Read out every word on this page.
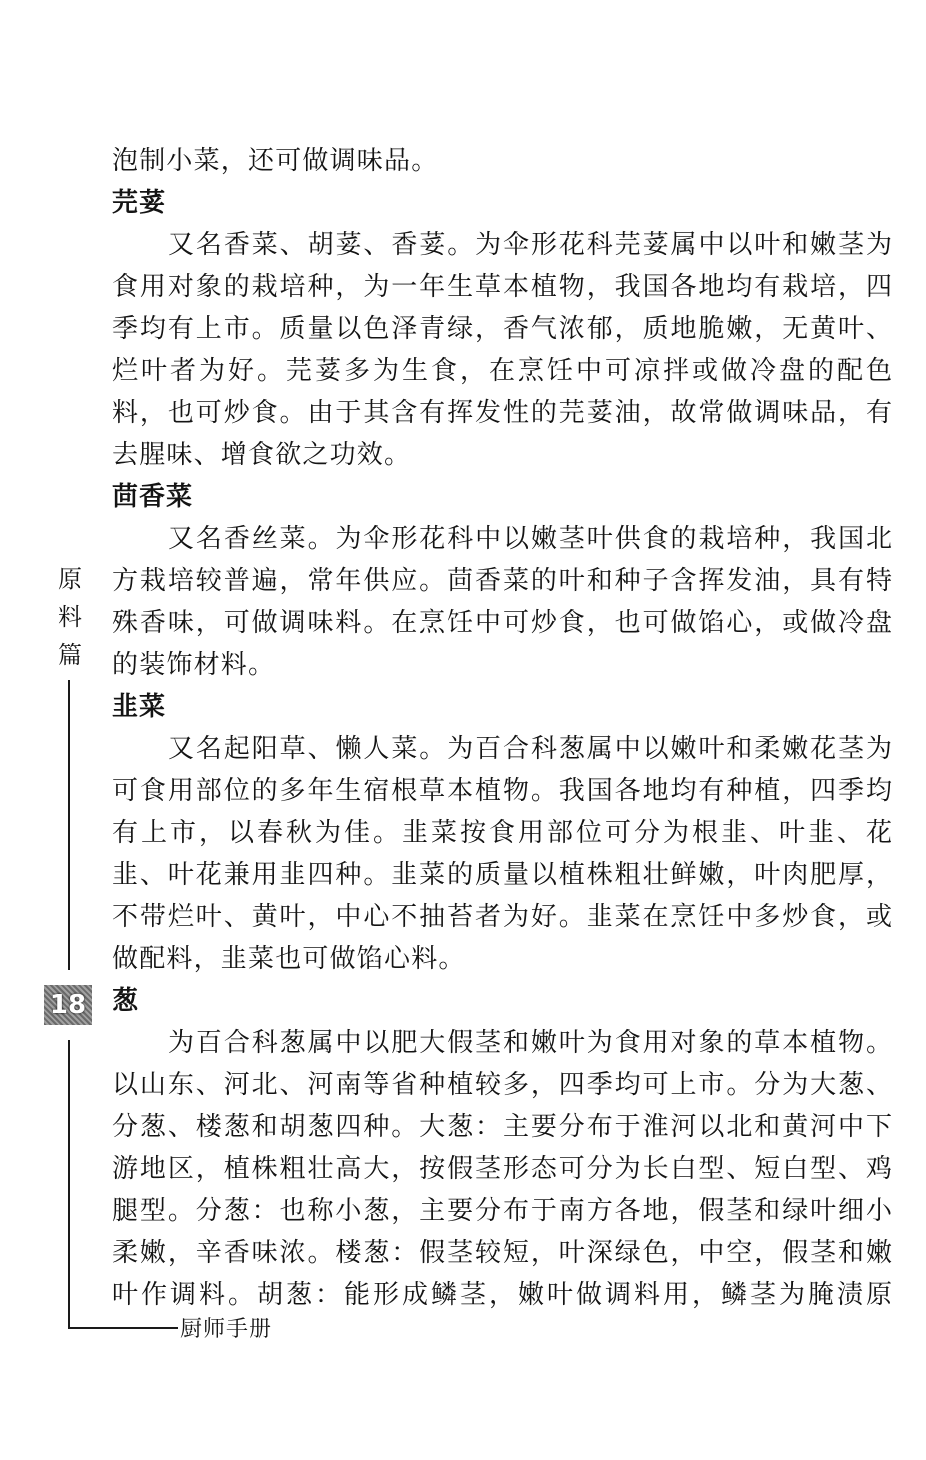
原
料
篇
18
厨师手册
泡制小菜，还可做调味品。
芫荽
又名香菜、胡荽、香荽。为伞形花科芫荽属中以叶和嫩茎为
食用对象的栽培种，为一年生草本植物，我国各地均有栽培，四
季均有上市。质量以色泽青绿，香气浓郁，质地脆嫩，无黄叶、
烂叶者为好。芫荽多为生食，在烹饪中可凉拌或做冷盘的配色
料，也可炒食。由于其含有挥发性的芫荽油，故常做调味品，有
去腥味、增食欲之功效。
茴香菜
又名香丝菜。为伞形花科中以嫩茎叶供食的栽培种，我国北
方栽培较普遍，常年供应。茴香菜的叶和种子含挥发油，具有特
殊香味，可做调味料。在烹饪中可炒食，也可做馅心，或做冷盘
的装饰材料。
韭菜
又名起阳草、懒人菜。为百合科葱属中以嫩叶和柔嫩花茎为
可食用部位的多年生宿根草本植物。我国各地均有种植，四季均
有上市，以春秋为佳。韭菜按食用部位可分为根韭、叶韭、花
韭、叶花兼用韭四种。韭菜的质量以植株粗壮鲜嫩，叶肉肥厚，
不带烂叶、黄叶，中心不抽苔者为好。韭菜在烹饪中多炒食，或
做配料，韭菜也可做馅心料。
葱
为百合科葱属中以肥大假茎和嫩叶为食用对象的草本植物。
以山东、河北、河南等省种植较多，四季均可上市。分为大葱、
分葱、楼葱和胡葱四种。大葱：主要分布于淮河以北和黄河中下
游地区，植株粗壮高大，按假茎形态可分为长白型、短白型、鸡
腿型。分葱：也称小葱，主要分布于南方各地，假茎和绿叶细小
柔嫩，辛香味浓。楼葱：假茎较短，叶深绿色，中空，假茎和嫩
叶作调料。胡葱：能形成鳞茎，嫩叶做调料用，鳞茎为腌渍原
